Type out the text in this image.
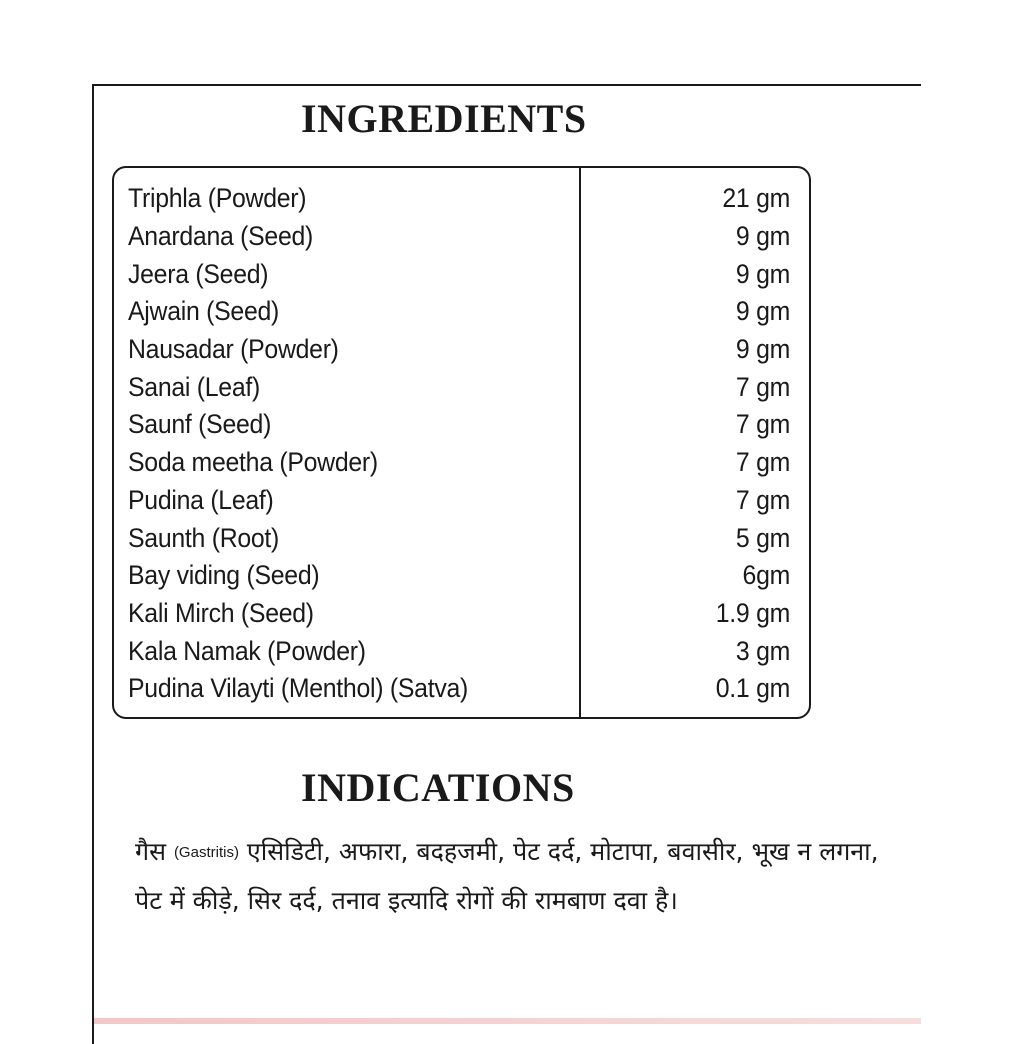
INGREDIENTS
Triphla (Powder)	21 gm
Anardana (Seed)	9 gm
Jeera (Seed)	9 gm
Ajwain (Seed)	9 gm
Nausadar (Powder)	9 gm
Sanai (Leaf)	7 gm
Saunf (Seed)	7 gm
Soda meetha (Powder)	7 gm
Pudina (Leaf)	7 gm
Saunth (Root)	5 gm
Bay viding (Seed)	6gm
Kali Mirch (Seed)	1.9 gm
Kala Namak (Powder)	3 gm
Pudina Vilayti (Menthol) (Satva)	0.1 gm
INDICATIONS

गैस (Gastritis) एसिडिटी, अफारा, बदहजमी, पेट दर्द, मोटापा, बवासीर, भूख न लगना, पेट में कीड़े, सिर दर्द, तनाव इत्यादि रोगों की रामबाण दवा है।
